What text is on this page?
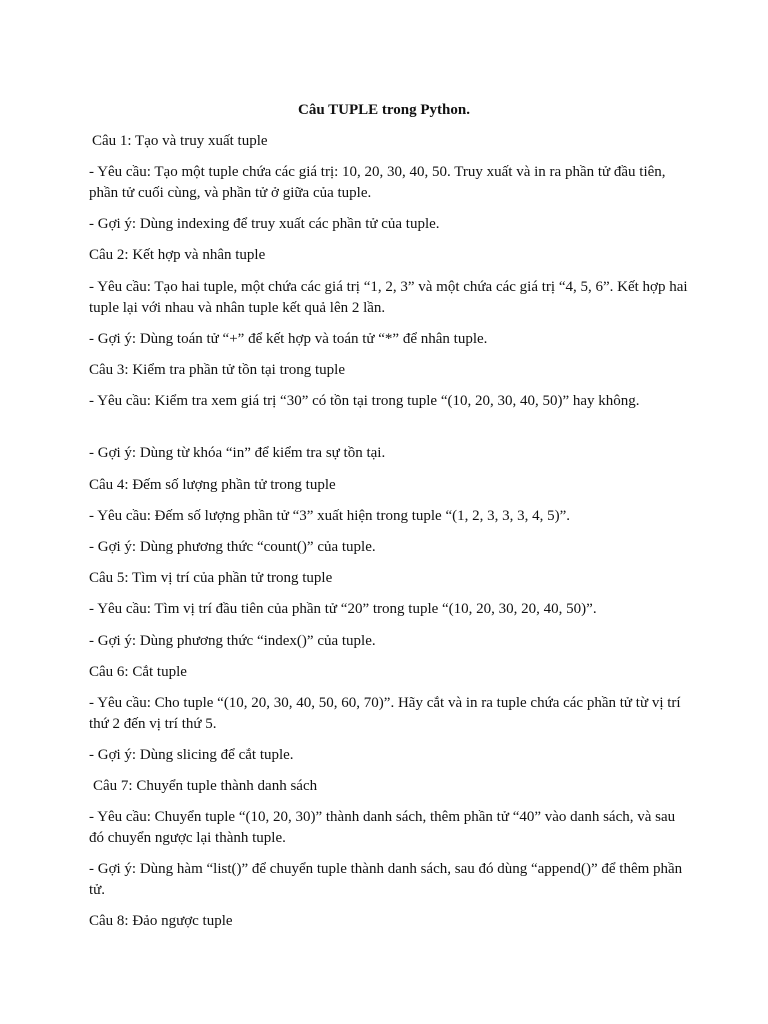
Câu TUPLE trong Python.

Câu 1: Tạo và truy xuất tuple

- Yêu cầu: Tạo một tuple chứa các giá trị: 10, 20, 30, 40, 50. Truy xuất và in ra phần tử đầu tiên, phần tử cuối cùng, và phần tử ở giữa của tuple.

- Gợi ý: Dùng indexing để truy xuất các phần tử của tuple.

Câu 2: Kết hợp và nhân tuple

- Yêu cầu: Tạo hai tuple, một chứa các giá trị “1, 2, 3” và một chứa các giá trị “4, 5, 6”. Kết hợp hai tuple lại với nhau và nhân tuple kết quả lên 2 lần.

- Gợi ý: Dùng toán tử “+” để kết hợp và toán tử “*” để nhân tuple.

Câu 3: Kiểm tra phần tử tồn tại trong tuple

- Yêu cầu: Kiểm tra xem giá trị “30” có tồn tại trong tuple “(10, 20, 30, 40, 50)” hay không.

- Gợi ý: Dùng từ khóa “in” để kiểm tra sự tồn tại.

Câu 4: Đếm số lượng phần tử trong tuple

- Yêu cầu: Đếm số lượng phần tử “3” xuất hiện trong tuple “(1, 2, 3, 3, 3, 4, 5)”.

- Gợi ý: Dùng phương thức “count()” của tuple.

Câu 5: Tìm vị trí của phần tử trong tuple

- Yêu cầu: Tìm vị trí đầu tiên của phần tử “20” trong tuple “(10, 20, 30, 20, 40, 50)”.

- Gợi ý: Dùng phương thức “index()” của tuple.

Câu 6: Cắt tuple

- Yêu cầu: Cho tuple “(10, 20, 30, 40, 50, 60, 70)”. Hãy cắt và in ra tuple chứa các phần tử từ vị trí thứ 2 đến vị trí thứ 5.

- Gợi ý: Dùng slicing để cắt tuple.

Câu 7: Chuyển tuple thành danh sách

- Yêu cầu: Chuyển tuple “(10, 20, 30)” thành danh sách, thêm phần tử “40” vào danh sách, và sau đó chuyển ngược lại thành tuple.

- Gợi ý: Dùng hàm “list()” để chuyển tuple thành danh sách, sau đó dùng “append()” để thêm phần tử.

Câu 8: Đảo ngược tuple
